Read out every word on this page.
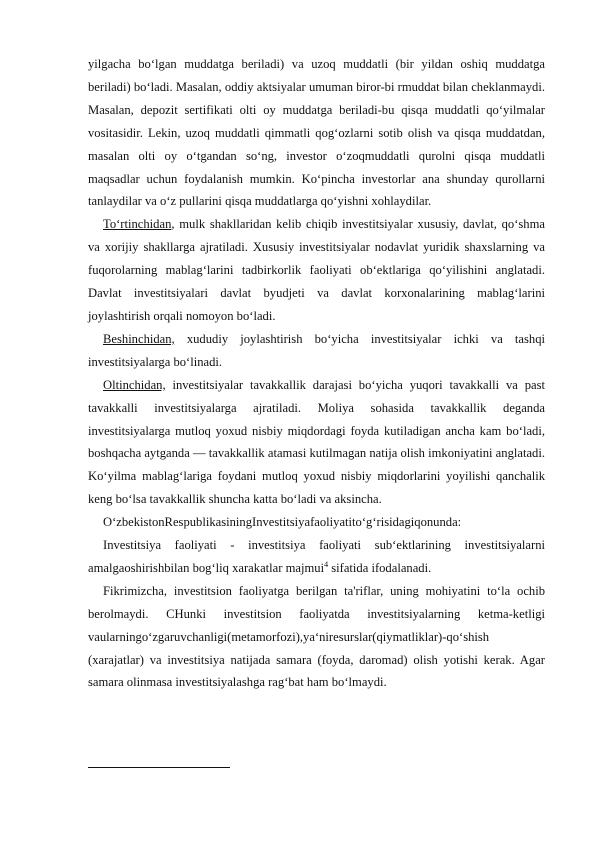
yilgacha bo‘lgan muddatga beriladi) va uzoq muddatli (bir yildan oshiq muddatga beriladi) bo‘ladi. Masalan, oddiy aktsiyalar umuman biror-bi rmuddat bilan cheklanmaydi. Masalan, depozit sertifikati olti oy muddatga beriladi-bu qisqa muddatli qo‘yilmalar vositasidir. Lekin, uzoq muddatli qimmatli qog‘ozlarni sotib olish va qisqa muddatdan, masalan olti oy o‘tgandan so‘ng, investor o‘zoqmuddatli qurolni qisqa muddatli maqsadlar uchun foydalanish mumkin. Ko‘pincha investorlar ana shunday qurollarni tanlaydilar va o‘z pullarini qisqa muddatlarga qo‘yishni xohlaydilar.

To‘rtinchidan, mulk shakllaridan kelib chiqib investitsiyalar xususiy, davlat, qo‘shma va xorijiy shakllarga ajratiladi. Xususiy investitsiyalar nodavlat yuridik shaxslarning va fuqorolarning mablag‘larini tadbirkorlik faoliyati ob‘ektlariga qo‘yilishini anglatadi. Davlat investitsiyalari davlat byudjeti va davlat korxonalarining mablag‘larini joylashtirish orqali nomoyon bo‘ladi.

Beshinchidan, xududiy joylashtirish bo‘yicha investitsiyalar ichki va tashqi investitsiyalarga bo‘linadi.

Oltinchidan, investitsiyalar tavakkallik darajasi bo‘yicha yuqori tavakkalli va past tavakkalli investitsiyalarga ajratiladi. Moliya sohasida tavakkallik deganda investitsiyalarga mutloq yoxud nisbiy miqdordagi foyda kutiladigan ancha kam bo‘ladi, boshqacha aytganda — tavakkallik atamasi kutilmagan natija olish imkoniyatini anglatadi. Ko‘yilma mablag‘lariga foydani mutloq yoxud nisbiy miqdorlarini yoyilishi qanchalik keng bo‘lsa tavakkallik shuncha katta bo‘ladi va aksincha.

O‘zbekistonRespublikasiningInvestitsiyafaoliyatito‘g‘risidagiqonunda:

Investitsiya faoliyati - investitsiya faoliyati sub‘ektlarining investitsiyalarni amalgaoshirishbilan bog‘liq xarakatlar majmui$^4$ sifatida ifodalanadi.

Fikrimizcha, investitsion faoliyatga berilgan ta'riflar, uning mohiyatini to‘la ochib berolmaydi. CHunki investitsion faoliyatda investitsiyalarning ketma-ketligi vaularningo‘zgaruvchanligi(metamorfozi),ya‘niresurslar(qiymatliklar)-qo‘shish (xarajatlar) va investitsiya natijada samara (foyda, daromad) olish yotishi kerak. Agar samara olinmasa investitsiyalashga rag‘bat ham bo‘lmaydi.
